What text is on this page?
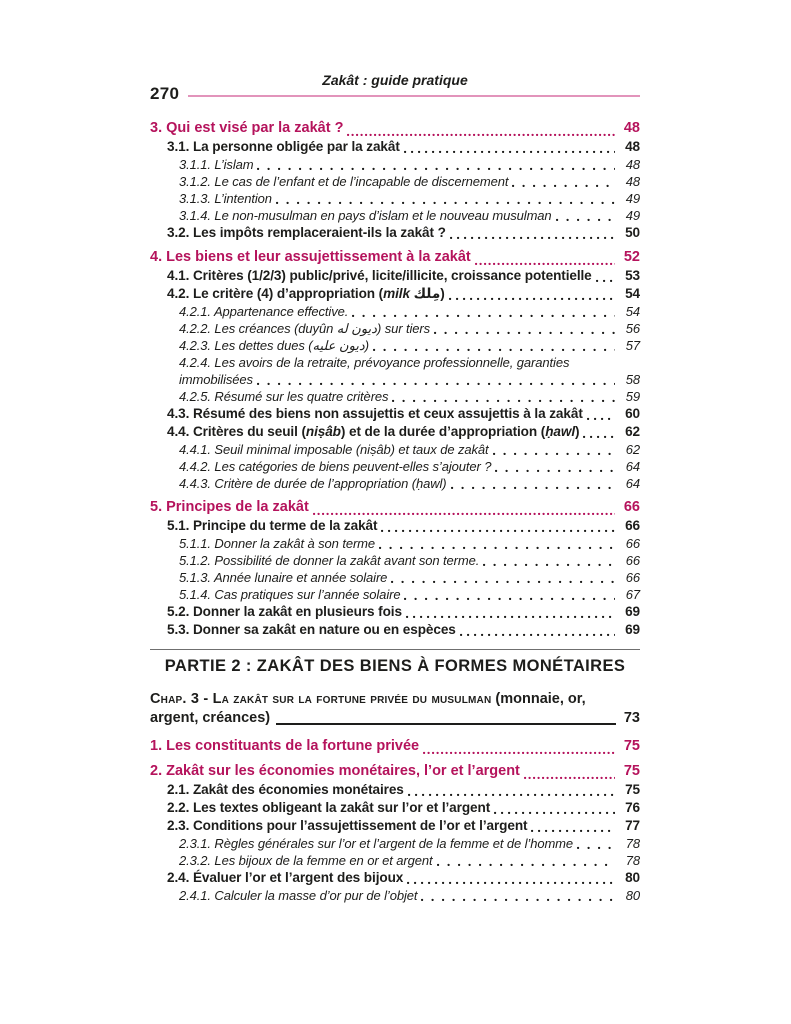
Zakât : guide pratique
270
3. Qui est visé par la zakât ?	48
3.1. La personne obligée par la zakât	48
3.1.1. L’islam	48
3.1.2. Le cas de l’enfant et de l’incapable de discernement	48
3.1.3. L’intention	49
3.1.4. Le non-musulman en pays d’islam et le nouveau musulman	49
3.2. Les impôts remplaceraient-ils la zakât ?	50
4. Les biens et leur assujettissement à la zakât	52
4.1. Critères (1/2/3) public/privé, licite/illicite, croissance potentielle	53
4.2. Le critère (4) d’appropriation (milk مِلك)	54
4.2.1. Appartenance effective.	54
4.2.2. Les créances (duyûn ديون له) sur tiers	56
4.2.3. Les dettes dues (ديون عليه)	57
4.2.4. Les avoirs de la retraite, prévoyance professionnelle, garanties
immobilisées	58
4.2.5. Résumé sur les quatre critères	59
4.3. Résumé des biens non assujettis et ceux assujettis à la zakât	60
4.4. Critères du seuil (niṣâb) et de la durée d’appropriation (ḥawl)	62
4.4.1. Seuil minimal imposable (niṣâb) et taux de zakât	62
4.4.2. Les catégories de biens peuvent-elles s’ajouter ?	64
4.4.3. Critère de durée de l’appropriation (ḥawl)	64
5. Principes de la zakât	66
5.1. Principe du terme de la zakât	66
5.1.1. Donner la zakât à son terme	66
5.1.2. Possibilité de donner la zakât avant son terme.	66
5.1.3. Année lunaire et année solaire	66
5.1.4. Cas pratiques sur l’année solaire	67
5.2. Donner la zakât en plusieurs fois	69
5.3. Donner sa zakât en nature ou en espèces	69
PARTIE 2 : ZAKÂT DES BIENS À FORMES MONÉTAIRES
Chap. 3 - La zakât sur la fortune privée du musulman (monnaie, or,
argent, créances)	73
1. Les constituants de la fortune privée	75
2. Zakât sur les économies monétaires, l’or et l’argent	75
2.1. Zakât des économies monétaires	75
2.2. Les textes obligeant la zakât sur l’or et l’argent	76
2.3. Conditions pour l’assujettissement de l’or et l’argent	77
2.3.1. Règles générales sur l’or et l’argent de la femme et de l’homme	78
2.3.2. Les bijoux de la femme en or et argent	78
2.4. Évaluer l’or et l’argent des bijoux	80
2.4.1. Calculer la masse d’or pur de l’objet	80
